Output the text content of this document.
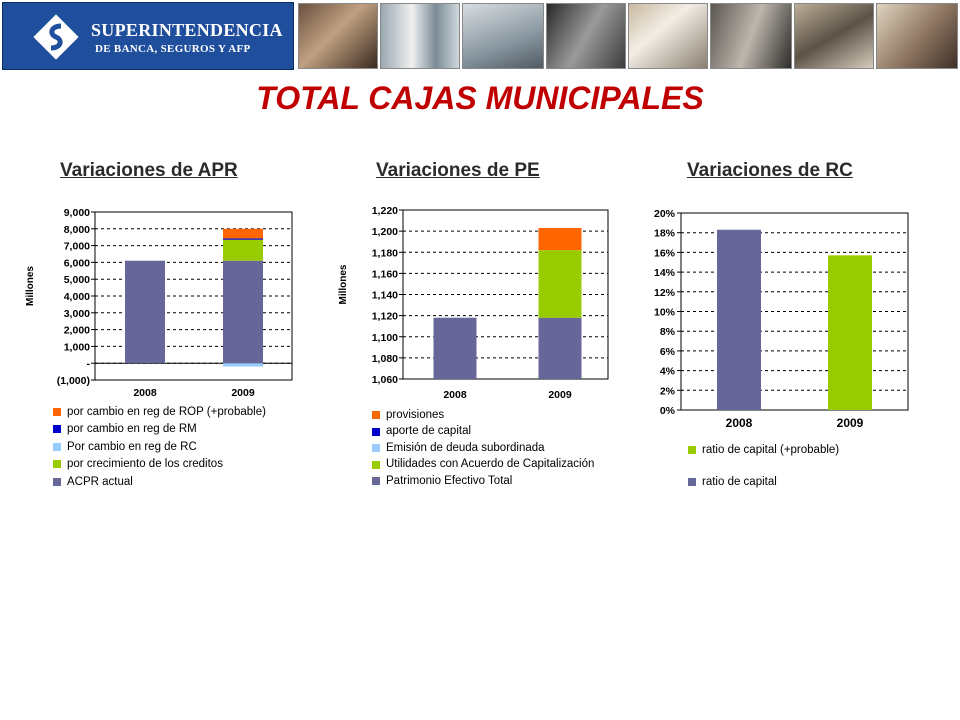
SUPERINTENDENCIA
DE BANCA, SEGUROS Y AFP
TOTAL CAJAS MUNICIPALES
Variaciones de APR	Variaciones de PE	Variaciones de RC
(1,000)
-
1,000
2,000
3,000
4,000
5,000
6,000
7,000
8,000
9,000
Millones
2008	2009
1,060
1,080
1,100
1,120
1,140
1,160
1,180
1,200
1,220
Millones
2008	2009
0%
2%
4%
6%
8%
10%
12%
14%
16%
18%
20%
2008	2009
por cambio en reg de ROP (+probable)
por cambio en reg de RM
Por cambio en reg de RC
por crecimiento de los creditos
ACPR actual
provisiones
aporte de capital
Emisión de deuda subordinada
Utilidades con Acuerdo de Capitalización
Patrimonio Efectivo Total
ratio de capital (+probable)
ratio de capital
